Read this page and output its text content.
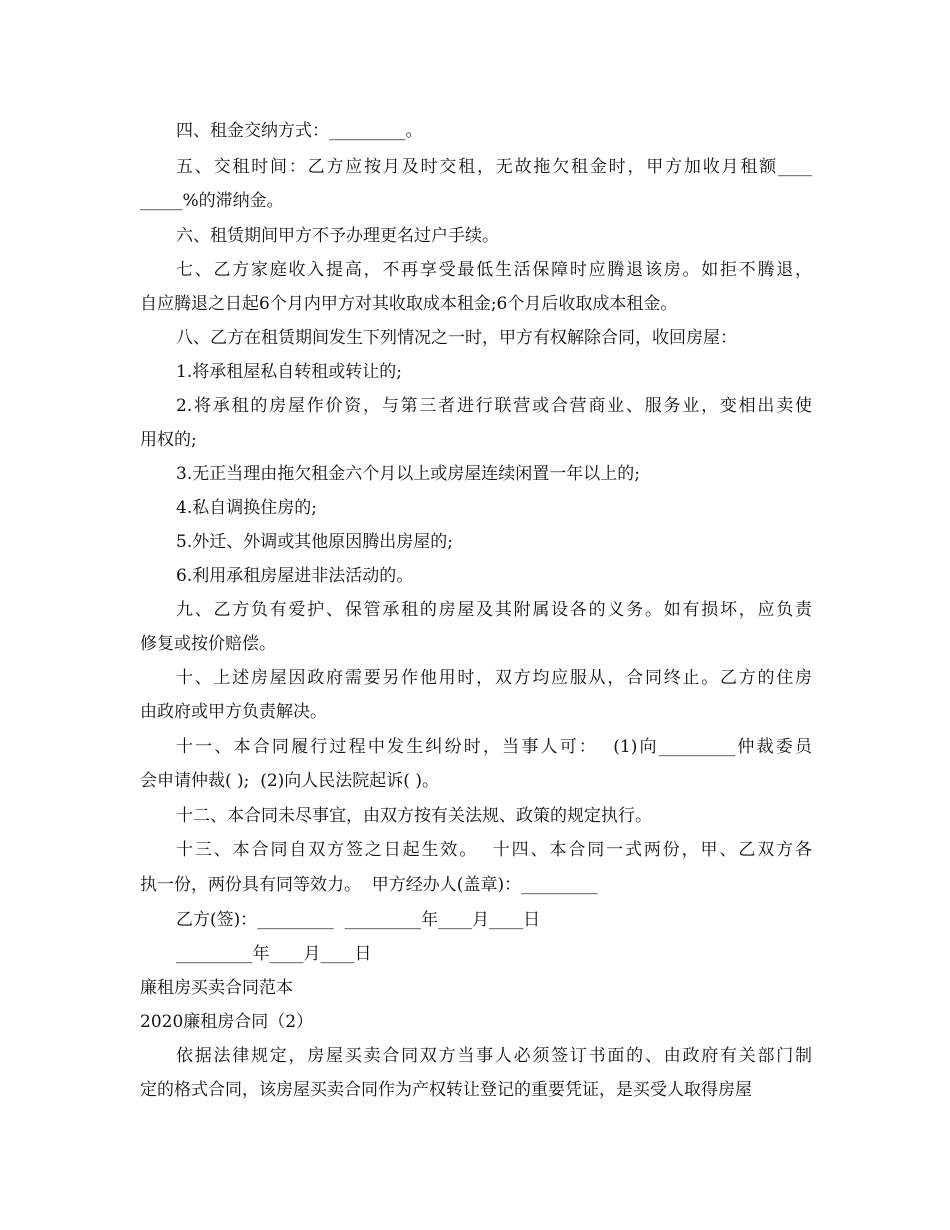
四、租金交纳方式：_________。
五、交租时间：乙方应按月及时交租，无故拖欠租金时，甲方加收月租额____
_____%的滞纳金。
六、租赁期间甲方不予办理更名过户手续。
七、乙方家庭收入提高，不再享受最低生活保障时应腾退该房。如拒不腾退，
自应腾退之日起6个月内甲方对其收取成本租金;6个月后收取成本租金。
八、乙方在租赁期间发生下列情况之一时，甲方有权解除合同，收回房屋：
1.将承租屋私自转租或转让的;
2.将承租的房屋作价资，与第三者进行联营或合营商业、服务业，变相出卖使
用权的;
3.无正当理由拖欠租金六个月以上或房屋连续闲置一年以上的;
4.私自调换住房的;
5.外迁、外调或其他原因腾出房屋的;
6.利用承租房屋进非法活动的。
九、乙方负有爱护、保管承租的房屋及其附属设各的义务。如有损坏，应负责
修复或按价赔偿。
十、上述房屋因政府需要另作他用时，双方均应服从，合同终止。乙方的住房
由政府或甲方负责解决。
十一、本合同履行过程中发生纠纷时，当事人可：  (1)向_________仲裁委员
会申请仲裁( );  (2)向人民法院起诉( )。
十二、本合同未尽事宜，由双方按有关法规、政策的规定执行。
十三、本合同自双方签之日起生效。  十四、本合同一式两份，甲、乙双方各
执一份，两份具有同等效力。  甲方经办人(盖章)：_________
乙方(签)：_________  _________年____月____日
_________年____月____日
廉租房买卖合同范本
2020廉租房合同（2）
依据法律规定，房屋买卖合同双方当事人必须签订书面的、由政府有关部门制
定的格式合同，该房屋买卖合同作为产权转让登记的重要凭证，是买受人取得房屋
